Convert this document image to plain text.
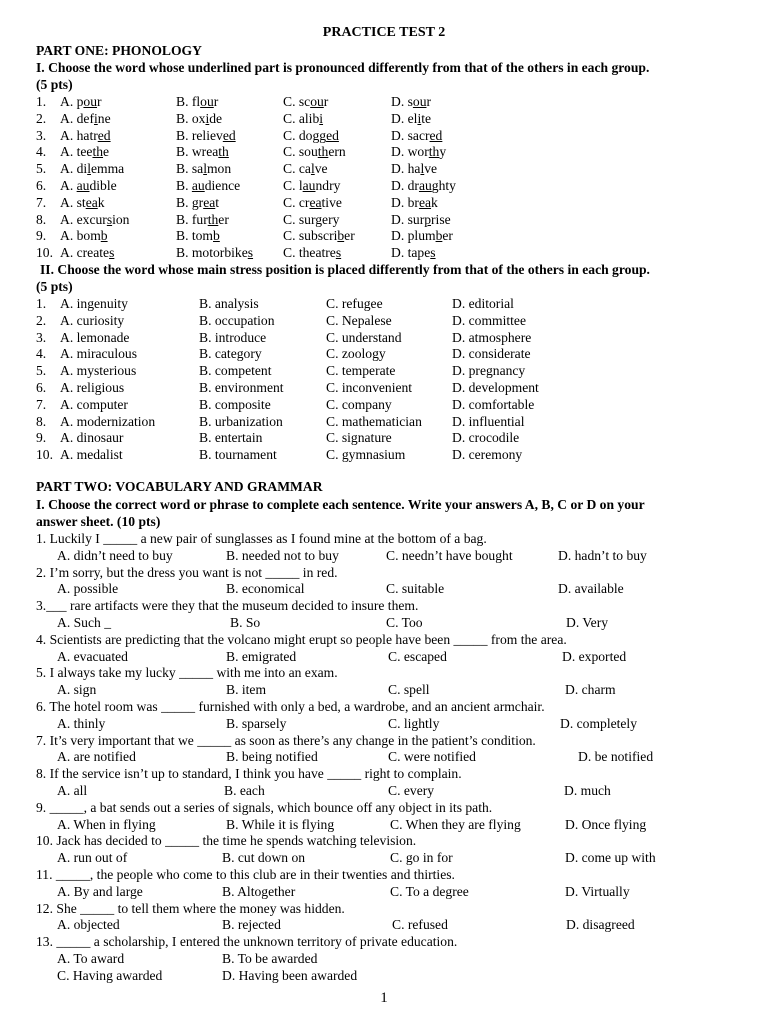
PRACTICE TEST 2
PART ONE: PHONOLOGY
I. Choose the word whose underlined part is pronounced differently from that of the others in each group.
(5 pts)
1. A. pour	B. flour	C. scour	D. sour
2. A. define	B. oxide	C. alibi	D. elite
3. A. hatred	B. relieved	C. dogged	D. sacred
4. A. teethe	B. wreath	C. southern	D. worthy
5. A. dilemma	B. salmon	C. calve	D. halve
6. A. audible	B. audience	C. laundry	D. draughty
7. A. steak	B. great	C. creative	D. break
8. A. excursion	B. further	C. surgery	D. surprise
9. A. bomb	B. tomb	C. subscriber	D. plumber
10. A. creates	B. motorbikes C. theatres	D. tapes
II. Choose the word whose main stress position is placed differently from that of the others in each group.
(5 pts)
1. A. ingenuity	B. analysis	C. refugee	D. editorial
2. A. curiosity	B. occupation	C. Nepalese	D. committee
3. A. lemonade	B. introduce	C. understand	D. atmosphere
4. A. miraculous	B. category	C. zoology	D. considerate
5. A. mysterious	B. competent	C. temperate	D. pregnancy
6. A. religious	B. environment	C. inconvenient	D. development
7. A. computer	B. composite	C. company	D. comfortable
8. A. modernization	B. urbanization	C. mathematician D. influential
9. A. dinosaur	B. entertain	C. signature	D. crocodile
10. A. medalist	B. tournament	C. gymnasium	D. ceremony
PART TWO: VOCABULARY AND GRAMMAR
I. Choose the correct word or phrase to complete each sentence. Write your answers A, B, C or D on your
answer sheet. (10 pts)
1. Luckily I _____ a new pair of sunglasses as I found mine at the bottom of a bag.
A. didn’t need to buy	B. needed not to buy	C. needn’t have bought	D. hadn’t to buy
2. I’m sorry, but the dress you want is not _____ in red.
A. possible	B. economical	C. suitable	D. available
3.___ rare artifacts were they that the museum decided to insure them.
A. Such _	B. So	C. Too	D. Very
4. Scientists are predicting that the volcano might erupt so people have been _____ from the area.
A. evacuated	B. emigrated	C. escaped	D. exported
5. I always take my lucky _____ with me into an exam.
A. sign	B. item	C. spell	D. charm
6. The hotel room was _____ furnished with only a bed, a wardrobe, and an ancient armchair.
A. thinly	B. sparsely	C. lightly	D. completely
7. It’s very important that we _____ as soon as there’s any change in the patient’s condition.
A. are notified	B. being notified	C. were notified	D. be notified
8. If the service isn’t up to standard, I think you have _____ right to complain.
A. all	B. each	C. every	D. much
9. _____, a bat sends out a series of signals, which bounce off any object in its path.
A. When in flying	B. While it is flying	C. When they are flying	D. Once flying
10. Jack has decided to _____ the time he spends watching television.
A. run out of	B. cut down on	C. go in for	D. come up with
11. _____, the people who come to this club are in their twenties and thirties.
A. By and large	B. Altogether	C. To a degree	D. Virtually
12. She _____ to tell them where the money was hidden.
A. objected	B. rejected	C. refused	D. disagreed
13. _____ a scholarship, I entered the unknown territory of private education.
A. To award	B. To be awarded
C. Having awarded	D. Having been awarded
1
